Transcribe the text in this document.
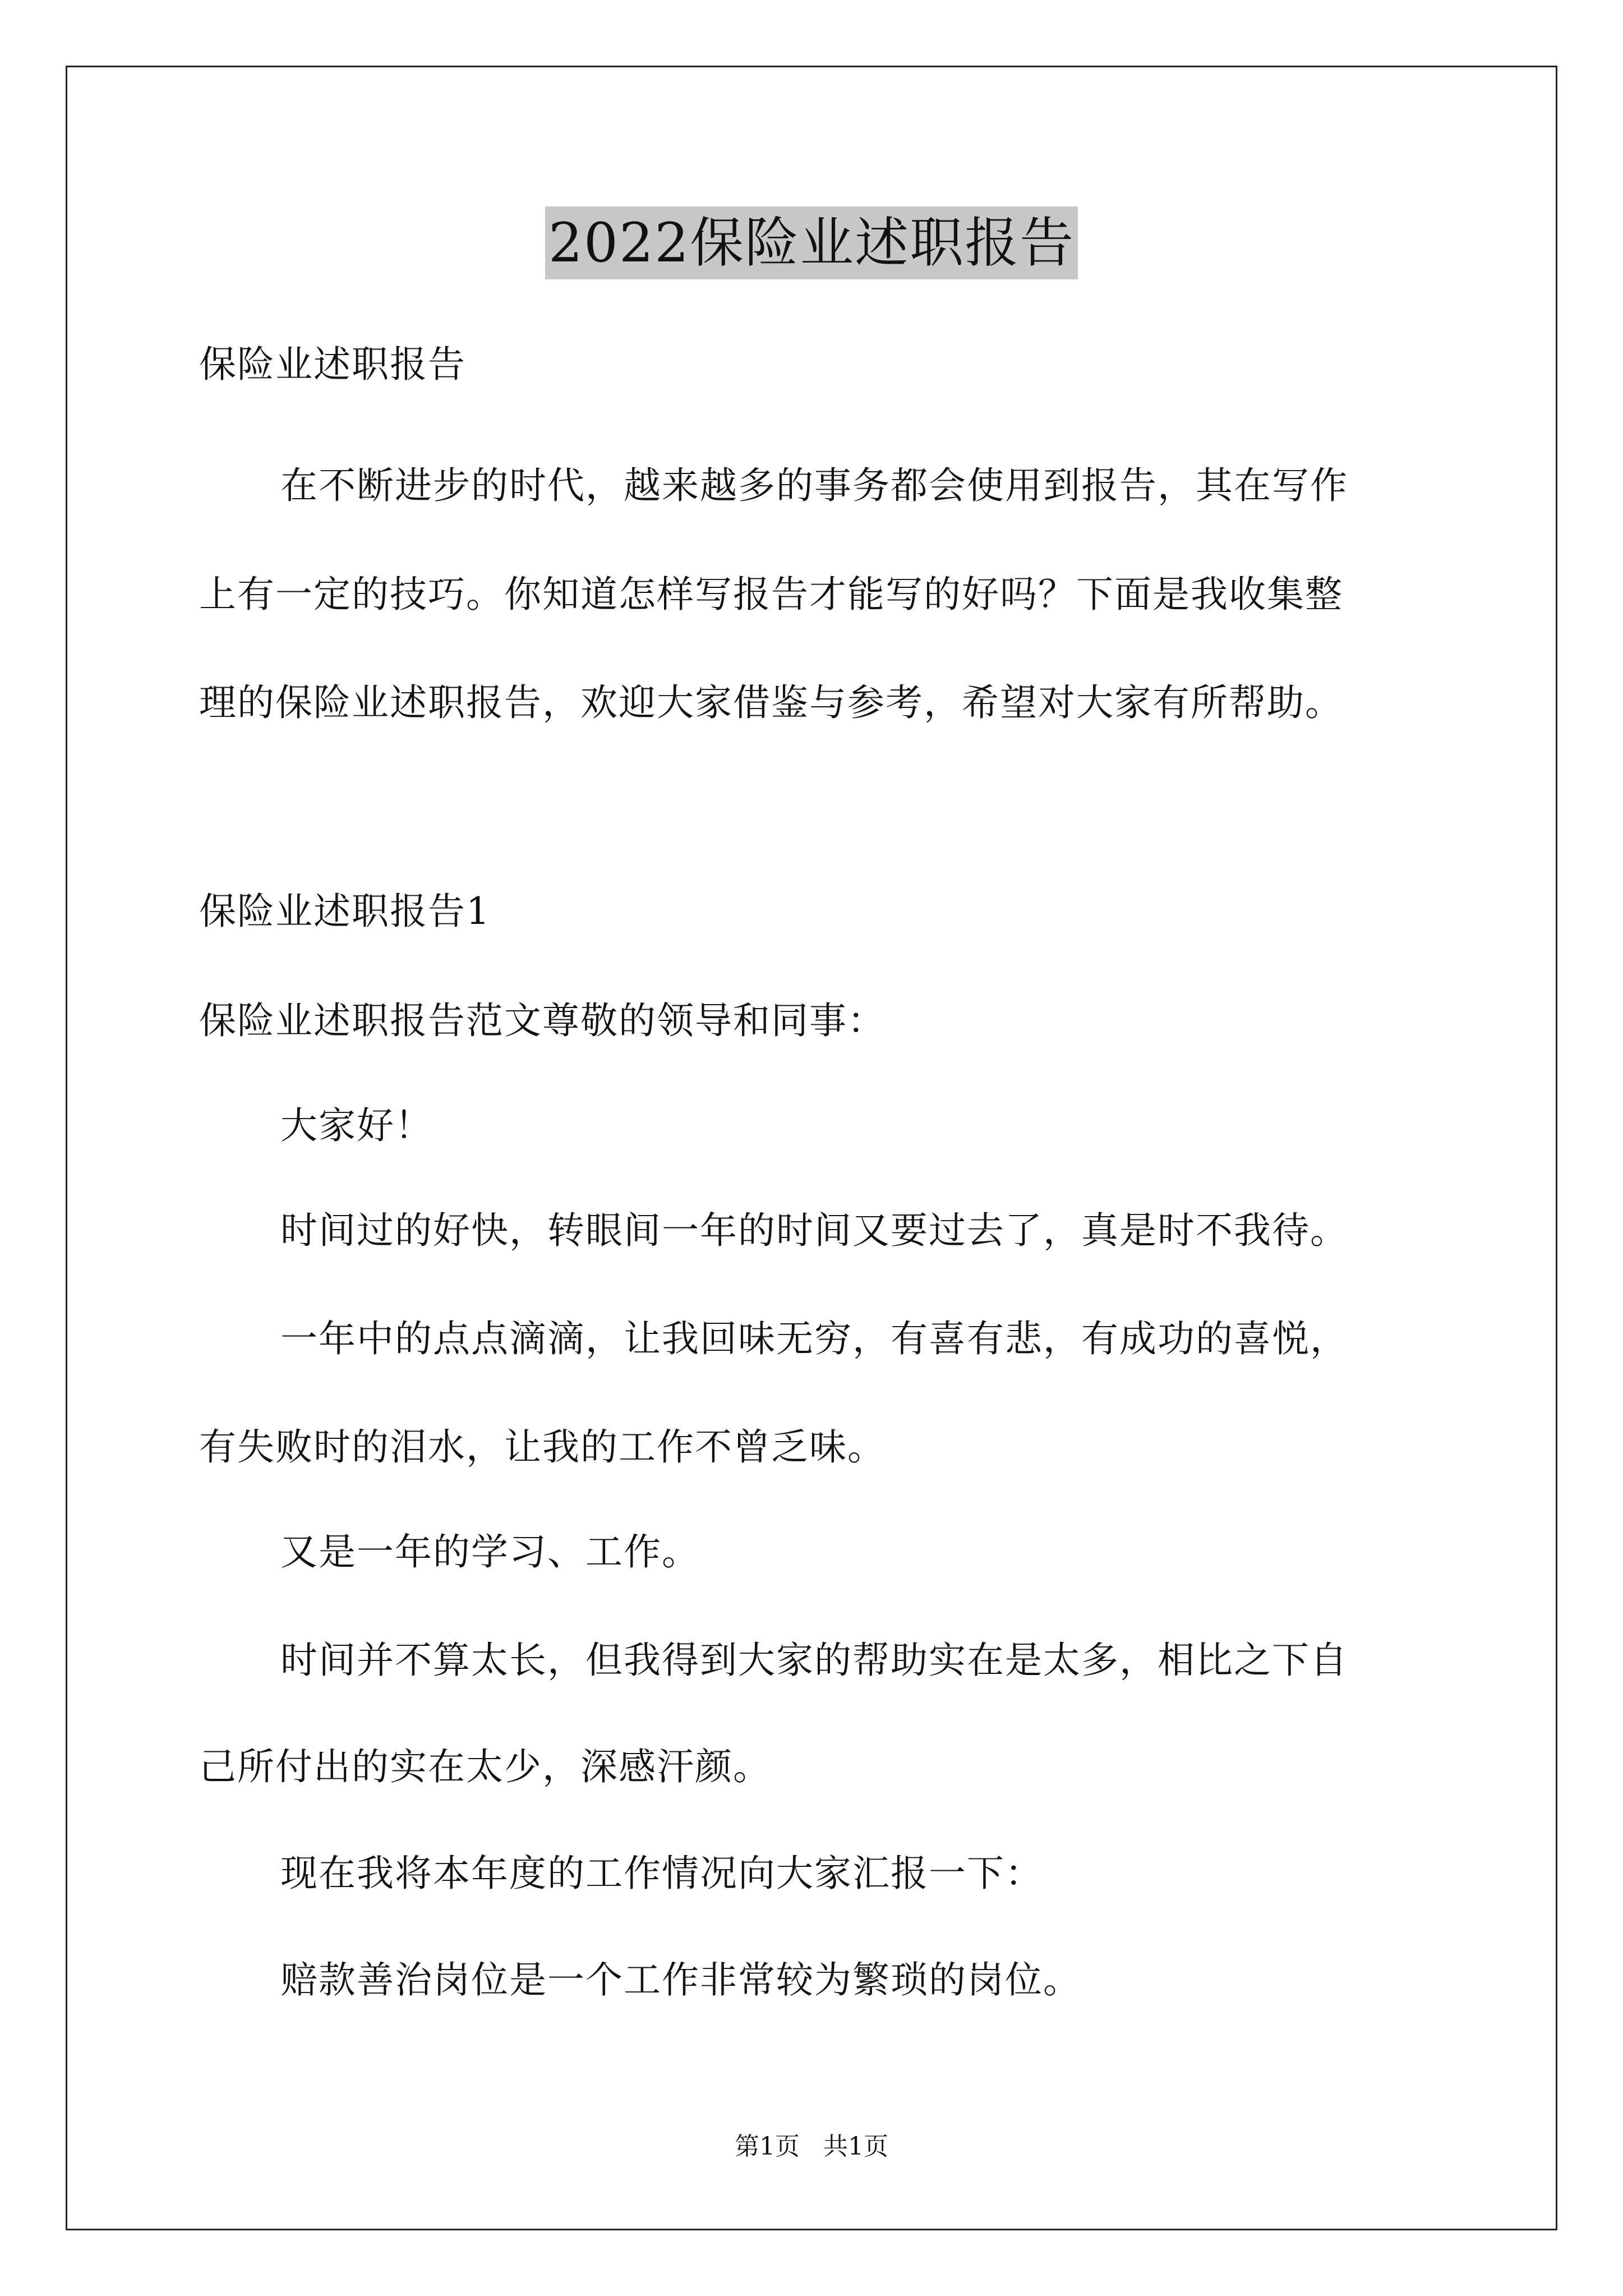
2022保险业述职报告
保险业述职报告
在不断进步的时代，越来越多的事务都会使用到报告，其在写作
上有一定的技巧。你知道怎样写报告才能写的好吗？下面是我收集整
理的保险业述职报告，欢迎大家借鉴与参考，希望对大家有所帮助。
保险业述职报告1
保险业述职报告范文尊敬的领导和同事：
大家好！
时间过的好快，转眼间一年的时间又要过去了，真是时不我待。
一年中的点点滴滴，让我回味无穷，有喜有悲，有成功的喜悦，
有失败时的泪水，让我的工作不曾乏味。
又是一年的学习、工作。
时间并不算太长，但我得到大家的帮助实在是太多，相比之下自
己所付出的实在太少，深感汗颜。
现在我将本年度的工作情况向大家汇报一下：
赔款善治岗位是一个工作非常较为繁琐的岗位。
第1页   共1页
